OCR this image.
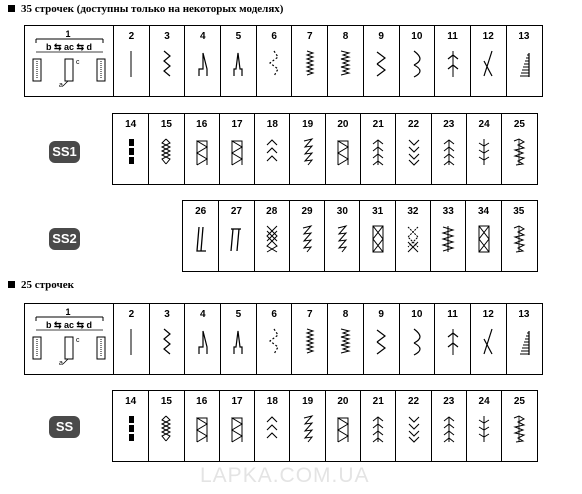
35 строчек (доступны только на некоторых моделях)
25 строчек
1
b ⇆ ac ⇆ d
c
a
2	3	4	5	6	7	8	9	10	11	12	13
SS1
14	15	16	17	18	19	20	21	22	23	24	25
SS2
26	27	28	29	30	31	32	33	34	35
1
b ⇆ ac ⇆ d
c
a
2	3	4	5	6	7	8	9	10	11	12	13
SS
14	15	16	17	18	19	20	21	22	23	24	25
LAPKA.COM.UA
